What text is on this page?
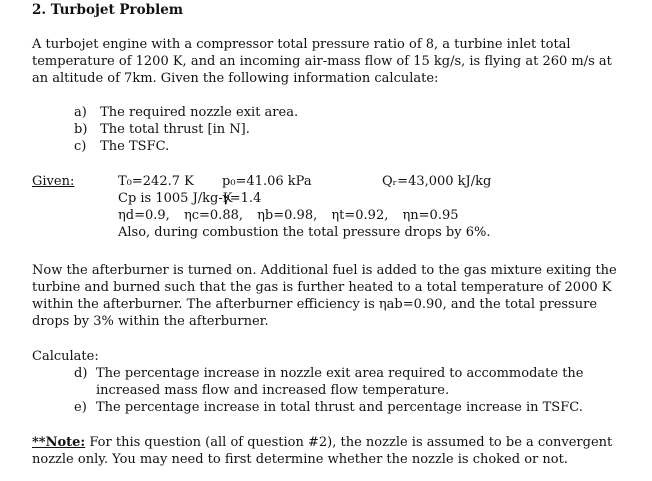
2. Turbojet Problem
A turbojet engine with a compressor total pressure ratio of 8, a turbine inlet total temperature of 1200 K, and an incoming air-mass flow of 15 kg/s, is flying at 260 m/s at an altitude of 7km. Given the following information calculate:
a) The required nozzle exit area.
b) The total thrust [in N].
c) The TSFC.
Given:	T₀=242.7 K p₀=41.06 kPa	Qᵣ=43,000 kJ/kg
Cp is 1005 J/kg-K
γ=1.4
ηd=0.9, ηc=0.88, ηb=0.98, ηt=0.92, ηn=0.95
Also, during combustion the total pressure drops by 6%.
Now the afterburner is turned on. Additional fuel is added to the gas mixture exiting the turbine and burned such that the gas is further heated to a total temperature of 2000 K within the afterburner. The afterburner efficiency is ηab=0.90, and the total pressure drops by 3% within the afterburner.
Calculate:
d) The percentage increase in nozzle exit area required to accommodate the increased mass flow and increased flow temperature.
e) The percentage increase in total thrust and percentage increase in TSFC.
**Note: For this question (all of question #2), the nozzle is assumed to be a convergent nozzle only. You may need to first determine whether the nozzle is choked or not.
